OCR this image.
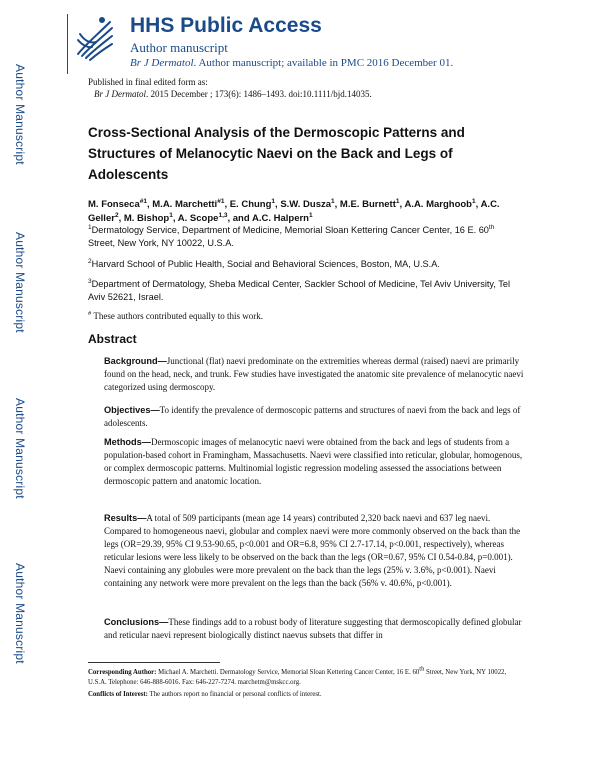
Author Manuscript
Author Manuscript
Author Manuscript
Author Manuscript
HHS Public Access
Author manuscript
Br J Dermatol. Author manuscript; available in PMC 2016 December 01.
Published in final edited form as:
Br J Dermatol. 2015 December ; 173(6): 1486–1493. doi:10.1111/bjd.14035.
Cross-Sectional Analysis of the Dermoscopic Patterns and Structures of Melanocytic Naevi on the Back and Legs of Adolescents
M. Fonseca$^{\#1}$, M.A. Marchetti$^{\#1}$, E. Chung$^1$, S.W. Dusza$^1$, M.E. Burnett$^1$, A.A. Marghoob$^1$, A.C. Geller$^2$, M. Bishop$^1$, A. Scope$^{1,3}$, and A.C. Halpern$^1$
$^1$Dermatology Service, Department of Medicine, Memorial Sloan Kettering Cancer Center, 16 E. 60th Street, New York, NY 10022, U.S.A.
$^2$Harvard School of Public Health, Social and Behavioral Sciences, Boston, MA, U.S.A.
$^3$Department of Dermatology, Sheba Medical Center, Sackler School of Medicine, Tel Aviv University, Tel Aviv 52621, Israel.
# These authors contributed equally to this work.
Abstract
Background—Junctional (flat) naevi predominate on the extremities whereas dermal (raised) naevi are primarily found on the head, neck, and trunk. Few studies have investigated the anatomic site prevalence of melanocytic naevi categorized using dermoscopy.
Objectives—To identify the prevalence of dermoscopic patterns and structures of naevi from the back and legs of adolescents.
Methods—Dermoscopic images of melanocytic naevi were obtained from the back and legs of students from a population-based cohort in Framingham, Massachusetts. Naevi were classified into reticular, globular, homogenous, or complex dermoscopic patterns. Multinomial logistic regression modeling assessed the associations between dermoscopic pattern and anatomic location.
Results—A total of 509 participants (mean age 14 years) contributed 2,320 back naevi and 637 leg naevi. Compared to homogeneous naevi, globular and complex naevi were more commonly observed on the back than the legs (OR=29.39, 95% CI 9.53-90.65, p<0.001 and OR=6.8, 95% CI 2.7-17.14, p<0.001, respectively), whereas reticular lesions were less likely to be observed on the back than the legs (OR=0.67, 95% CI 0.54-0.84, p=0.001). Naevi containing any globules were more prevalent on the back than the legs (25% v. 3.6%, p<0.001). Naevi containing any network were more prevalent on the legs than the back (56% v. 40.6%, p<0.001).
Conclusions—These findings add to a robust body of literature suggesting that dermoscopically defined globular and reticular naevi represent biologically distinct naevus subsets that differ in
Corresponding Author: Michael A. Marchetti. Dermatology Service, Memorial Sloan Kettering Cancer Center, 16 E. 60th Street, New York, NY 10022, U.S.A. Telephone: 646-888-6016. Fax: 646-227-7274. marchetm@mskcc.org.
Conflicts of Interest: The authors report no financial or personal conflicts of interest.
